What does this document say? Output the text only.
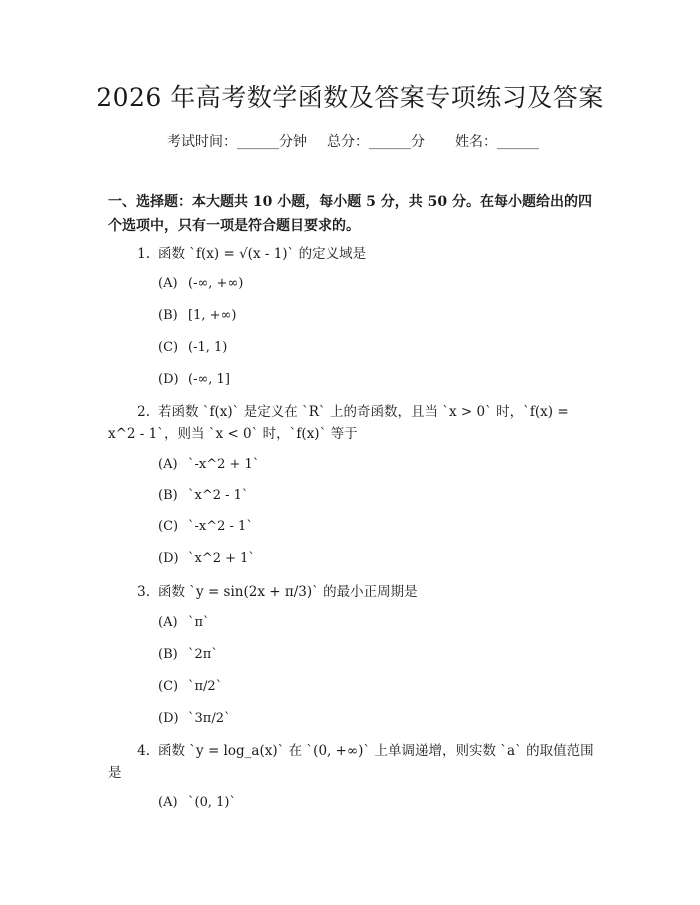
2026 年高考数学函数及答案专项练习及答案
考试时间：______分钟 总分：______分 姓名：______
一、选择题：本大题共 10 小题，每小题 5 分，共 50 分。在每小题给出的四个选项中，只有一项是符合题目要求的。
1. 函数 `f(x) = √(x - 1)` 的定义域是
(A) (-∞, +∞)
(B) [1, +∞)
(C) (-1, 1)
(D) (-∞, 1]
2. 若函数 `f(x)` 是定义在 `R` 上的奇函数，且当 `x > 0` 时，`f(x) = x^2 - 1`，则当 `x < 0` 时，`f(x)` 等于
(A) `-x^2 + 1`
(B) `x^2 - 1`
(C) `-x^2 - 1`
(D) `x^2 + 1`
3. 函数 `y = sin(2x + π/3)` 的最小正周期是
(A) `π`
(B) `2π`
(C) `π/2`
(D) `3π/2`
4. 函数 `y = log_a(x)` 在 `(0, +∞)` 上单调递增，则实数 `a` 的取值范围是
(A) `(0, 1)`
